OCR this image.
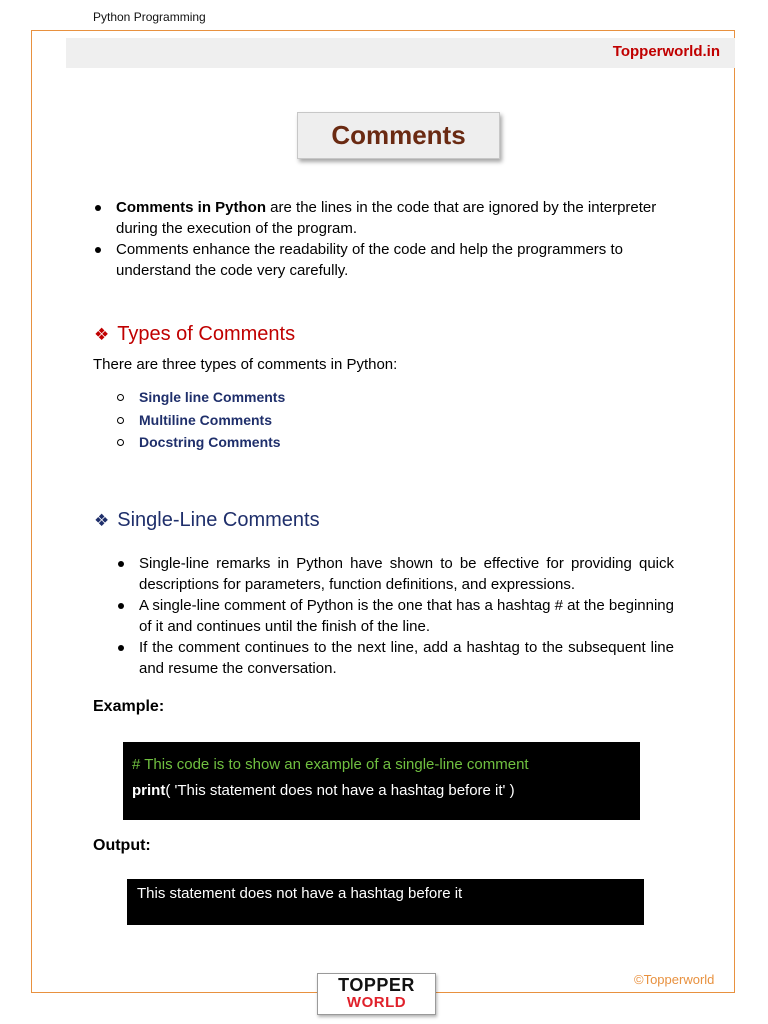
Python Programming
Topperworld.in
Comments
Comments in Python are the lines in the code that are ignored by the interpreter during the execution of the program.
Comments enhance the readability of the code and help the programmers to understand the code very carefully.
❖ Types of Comments
There are three types of comments in Python:
Single line Comments
Multiline Comments
Docstring Comments
❖ Single-Line Comments
Single-line remarks in Python have shown to be effective for providing quick descriptions for parameters, function definitions, and expressions.
A single-line comment of Python is the one that has a hashtag # at the beginning of it and continues until the finish of the line.
If the comment continues to the next line, add a hashtag to the subsequent line and resume the conversation.
Example:
# This code is to show an example of a single-line comment
print( 'This statement does not have a hashtag before it' )
Output:
This statement does not have a hashtag before it
TOPPER
WORLD
©Topperworld
